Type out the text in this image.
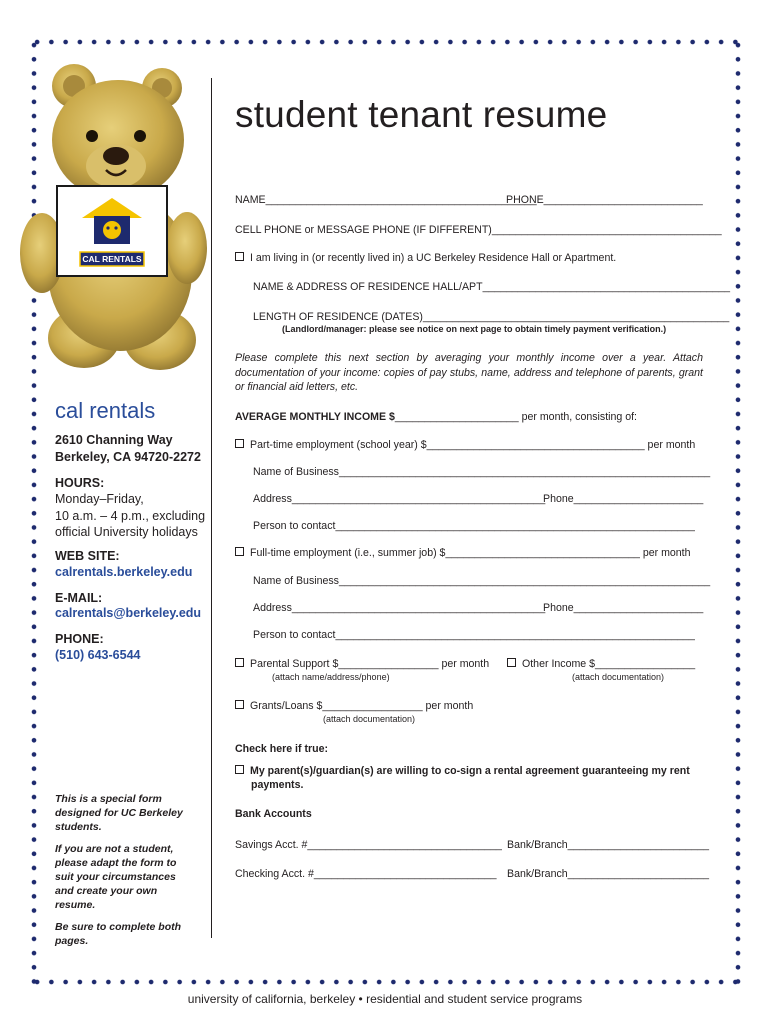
CAL RENTALS
cal rentals
2610 Channing Way
Berkeley, CA 94720-2272
HOURS:
Monday–Friday,
10 a.m. – 4 p.m., excluding
official University holidays
WEB SITE:
calrentals.berkeley.edu
E-MAIL:
calrentals@berkeley.edu
PHONE:
(510) 643-6544
This is a special form designed for UC Berkeley students.
If you are not a student, please adapt the form to suit your circumstances and create your own resume.
Be sure to complete both pages.
student tenant resume
NAME______________________________________________
PHONE___________________________
CELL PHONE or MESSAGE PHONE (IF DIFFERENT)_______________________________________
I am living in (or recently lived in) a UC Berkeley Residence Hall or Apartment.
NAME & ADDRESS OF RESIDENCE HALL/APT__________________________________________
LENGTH OF RESIDENCE (DATES)____________________________________________________
(Landlord/manager: please see notice on next page to obtain timely payment verification.)
Please complete this next section by averaging your monthly income over a year. Attach documentation of your income: copies of pay stubs, name, address and telephone of parents, grant or financial aid letters, etc.
AVERAGE MONTHLY INCOME $_____________________ per month, consisting of:
Part-time employment (school year) $_____________________________________ per month
Name of Business_______________________________________________________________
Address___________________________________________
Phone______________________
Person to contact_____________________________________________________________
Full-time employment (i.e., summer job) $_________________________________ per month
Name of Business_______________________________________________________________
Address___________________________________________
Phone______________________
Person to contact_____________________________________________________________
Parental Support $_________________ per month
(attach name/address/phone)
Other Income $_________________
(attach documentation)
Grants/Loans $_________________ per month
(attach documentation)
Check here if true:
My parent(s)/guardian(s) are willing to co-sign a rental agreement guaranteeing my rent
payments.
Bank Accounts
Savings Acct. #_________________________________ Bank/Branch________________________
Checking Acct. #_______________________________ Bank/Branch________________________
university of california, berkeley • residential and student service programs
